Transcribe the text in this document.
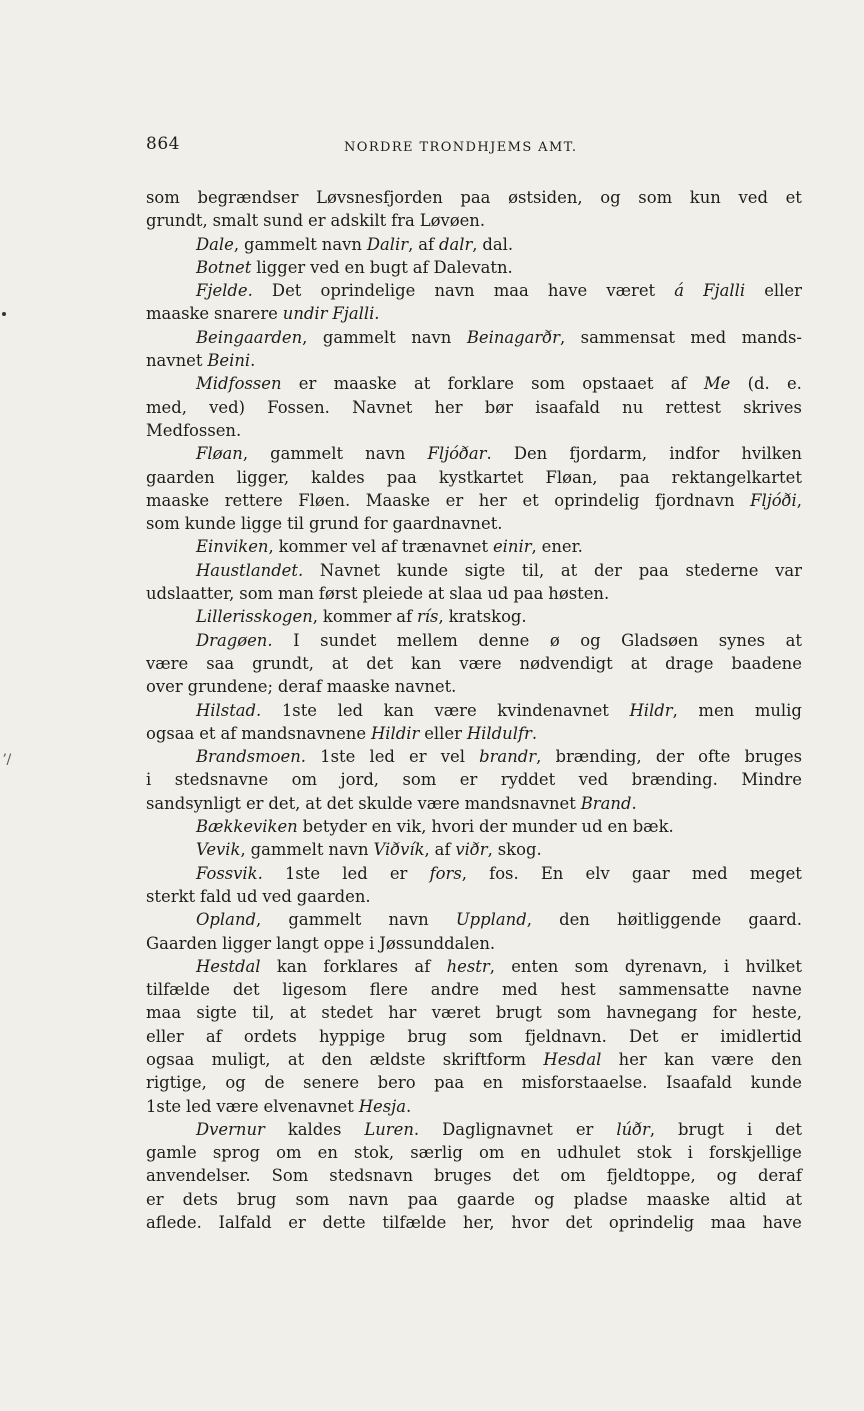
864	NORDRE TRONDHJEMS AMT.
ʼ/
som begrændser Løvsnesfjorden paa østsiden, og som kun ved et
grundt, smalt sund er adskilt fra Løvøen.
Dale, gammelt navn Dalir, af dalr, dal.
Botnet ligger ved en bugt af Dalevatn.
Fjelde. Det oprindelige navn maa have været á Fjalli eller
maaske snarere undir Fjalli.
Beingaarden, gammelt navn Beinagarðr, sammensat med mands-
navnet Beini.
Midfossen er maaske at forklare som opstaaet af Me (d. e.
med, ved) Fossen. Navnet her bør isaafald nu rettest skrives
Medfossen.
Fløan, gammelt navn Fljóðar. Den fjordarm, indfor hvilken
gaarden ligger, kaldes paa kystkartet Fløan, paa rektangelkartet
maaske rettere Fløen. Maaske er her et oprindelig fjordnavn Fljóði,
som kunde ligge til grund for gaardnavnet.
Einviken, kommer vel af trænavnet einir, ener.
Haustlandet. Navnet kunde sigte til, at der paa stederne var
udslaatter, som man først pleiede at slaa ud paa høsten.
Lillerisskogen, kommer af rís, kratskog.
Dragøen. I sundet mellem denne ø og Gladsøen synes at
være saa grundt, at det kan være nødvendigt at drage baadene
over grundene; deraf maaske navnet.
Hilstad. 1ste led kan være kvindenavnet Hildr, men mulig
ogsaa et af mandsnavnene Hildir eller Hildulfr.
Brandsmoen. 1ste led er vel brandr, brænding, der ofte bruges
i stedsnavne om jord, som er ryddet ved brænding. Mindre
sandsynligt er det, at det skulde være mandsnavnet Brand.
Bækkeviken betyder en vik, hvori der munder ud en bæk.
Vevik, gammelt navn Viðvík, af viðr, skog.
Fossvik. 1ste led er fors, fos. En elv gaar med meget
sterkt fald ud ved gaarden.
Opland, gammelt navn Uppland, den høitliggende gaard.
Gaarden ligger langt oppe i Jøssunddalen.
Hestdal kan forklares af hestr, enten som dyrenavn, i hvilket
tilfælde det ligesom flere andre med hest sammensatte navne
maa sigte til, at stedet har været brugt som havnegang for heste,
eller af ordets hyppige brug som fjeldnavn. Det er imidlertid
ogsaa muligt, at den ældste skriftform Hesdal her kan være den
rigtige, og de senere bero paa en misforstaaelse. Isaafald kunde
1ste led være elvenavnet Hesja.
Dvernur kaldes Luren. Daglignavnet er lúðr, brugt i det
gamle sprog om en stok, særlig om en udhulet stok i forskjellige
anvendelser. Som stedsnavn bruges det om fjeldtoppe, og deraf
er dets brug som navn paa gaarde og pladse maaske altid at
aflede. Ialfald er dette tilfælde her, hvor det oprindelig maa have
